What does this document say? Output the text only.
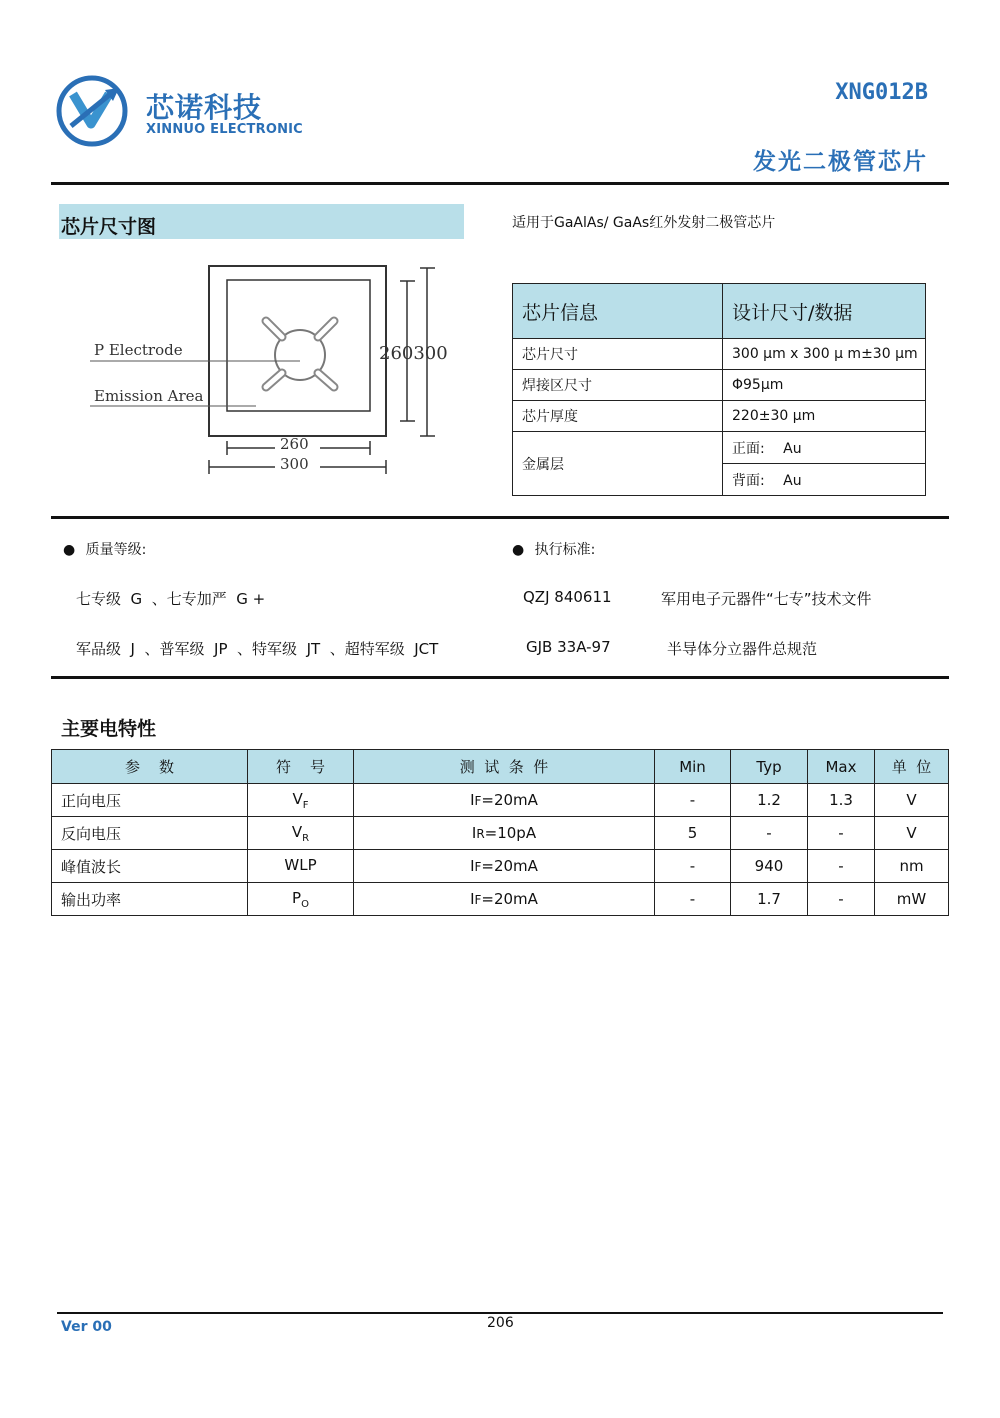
芯诺科技
XINNUO ELECTRONIC
XNG012B
发光二极管芯片
芯片尺寸图	适用于GaAlAs/ GaAs红外发射二极管芯片
P Electrode
Emission Area
260300
260
300
芯片信息	设计尺寸/数据
芯片尺寸	300 μm x 300 μ m±30 μm
焊接区尺寸	Φ95μm
芯片厚度	220±30 μm
金属层	正面: Au
	背面: Au
● 质量等级:
七专级  G  、七专加严  G +
军品级  J  、普军级  JP  、特军级  JT  、超特军级  JCT
● 执行标准:
QZJ 840611	军用电子元器件“七专”技术文件
GJB 33A-97	半导体分立器件总规范
主要电特性
参    数	符    号	测  试  条  件	Min	Typ	Max	单  位
正向电压	$V_F$	IF=20mA	-	1.2	1.3	V
反向电压	$V_R$	IR=10pA	5	-	-	V
峰值波长	WLP	IF=20mA	-	940	-	nm
输出功率	$P_O$	IF=20mA	-	1.7	-	mW
Ver 00	206
